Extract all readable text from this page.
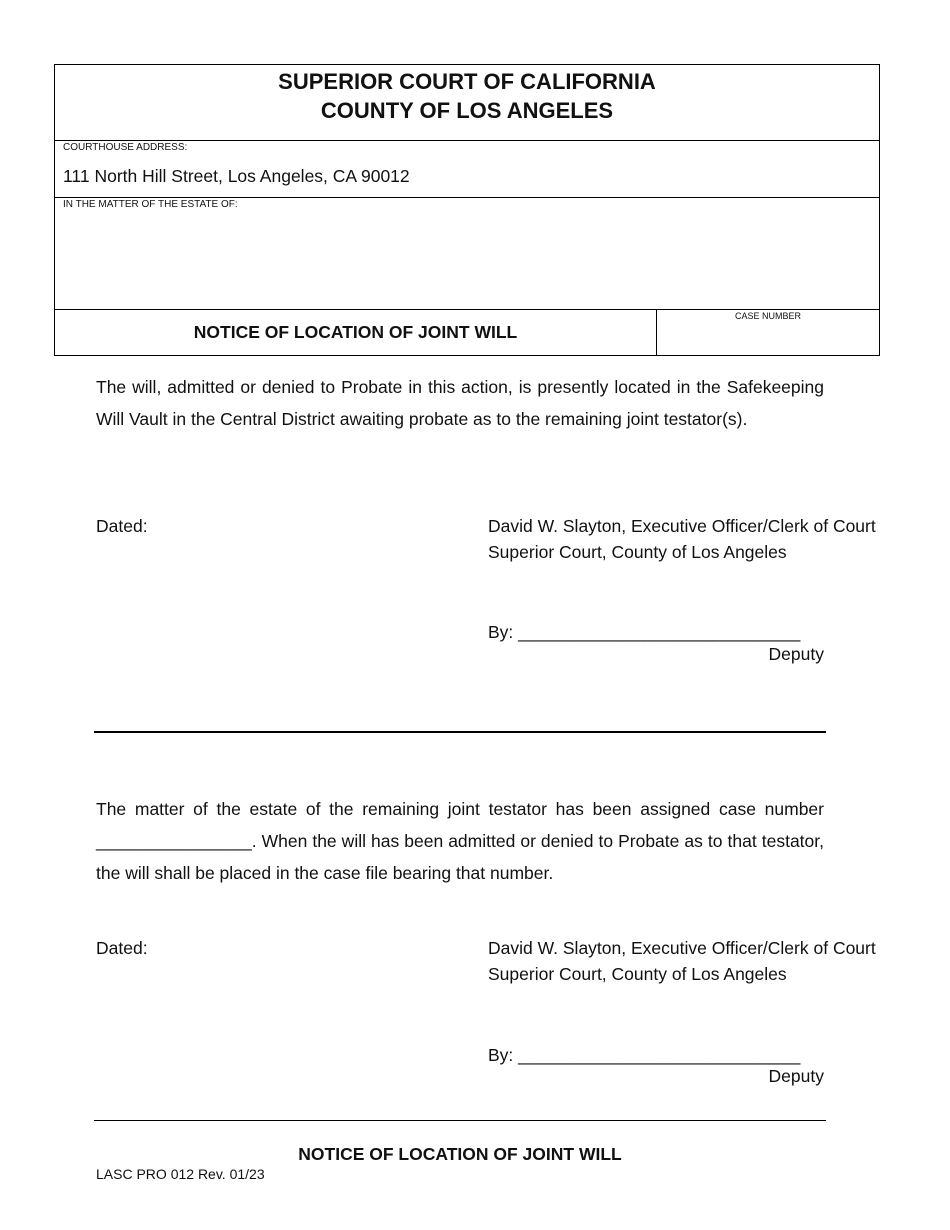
SUPERIOR COURT OF CALIFORNIA
COUNTY OF LOS ANGELES
COURTHOUSE ADDRESS:
111 North Hill Street, Los Angeles, CA 90012
IN THE MATTER OF THE ESTATE OF:
NOTICE OF LOCATION OF JOINT WILL
CASE NUMBER
The will, admitted or denied to Probate in this action, is presently located in the Safekeeping Will Vault in the Central District awaiting probate as to the remaining joint testator(s).
Dated:	David W. Slayton, Executive Officer/Clerk of Court
Superior Court, County of Los Angeles
By: _____________________________
Deputy
The matter of the estate of the remaining joint testator has been assigned case number ________________. When the will has been admitted or denied to Probate as to that testator, the will shall be placed in the case file bearing that number.
Dated:	David W. Slayton, Executive Officer/Clerk of Court
Superior Court, County of Los Angeles
By: _____________________________
Deputy
NOTICE OF LOCATION OF JOINT WILL
LASC PRO 012 Rev. 01/23
